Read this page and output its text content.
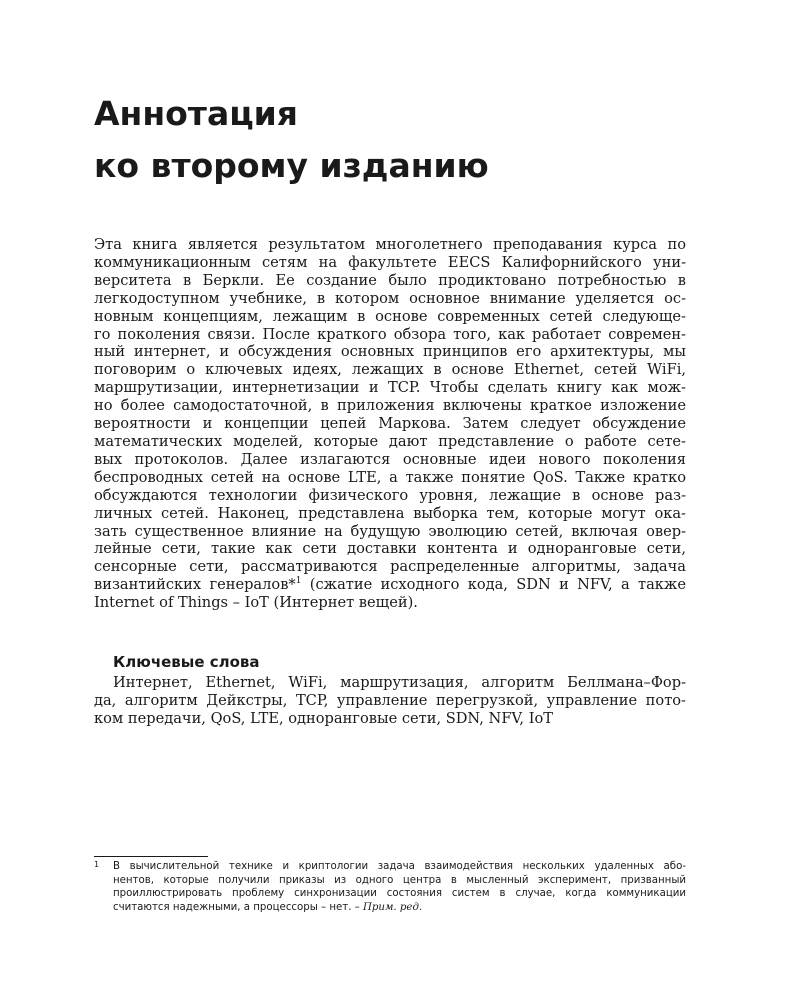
Аннотация
ко второму изданию
Эта книга является результатом многолетнего преподавания курса по
коммуникационным сетям на факультете EECS Калифорнийского уни-
верситета в Беркли. Ее создание было продиктовано потребностью в
легкодоступном учебнике, в котором основное внимание уделяется ос-
новным концепциям, лежащим в основе современных сетей следующе-
го поколения связи. После краткого обзора того, как работает современ-
ный интернет, и обсуждения основных принципов его архитектуры, мы
поговорим о ключевых идеях, лежащих в основе Ethernet, сетей WiFi,
маршрутизации, интернетизации и TCP. Чтобы сделать книгу как мож-
но более самодостаточной, в приложения включены краткое изложение
вероятности и концепции цепей Маркова. Затем следует обсуждение
математических моделей, которые дают представление о работе сете-
вых протоколов. Далее излагаются основные идеи нового поколения
беспроводных сетей на основе LTE, а также понятие QoS. Также кратко
обсуждаются технологии физического уровня, лежащие в основе раз-
личных сетей. Наконец, представлена выборка тем, которые могут ока-
зать существенное влияние на будущую эволюцию сетей, включая овер-
лейные сети, такие как сети доставки контента и одноранговые сети,
сенсорные сети, рассматриваются распределенные алгоритмы, задача
византийских генералов*$^1$ (сжатие исходного кода, SDN и NFV, а также
Internet of Things – IoT (Интернет вещей).
Ключевые слова
Интернет, Ethernet, WiFi, маршрутизация, алгоритм Беллмана–Фор-
да, алгоритм Дейкстры, TCP, управление перегрузкой, управление пото-
ком передачи, QoS, LTE, одноранговые сети, SDN, NFV, IoT
1 В вычислительной технике и криптологии задача взаимодействия нескольких удаленных або-
нентов, которые получили приказы из одного центра в мысленный эксперимент, призванный
проиллюстрировать проблему синхронизации состояния систем в случае, когда коммуникации
считаются надежными, а процессоры – нет. – Прим. ред.
